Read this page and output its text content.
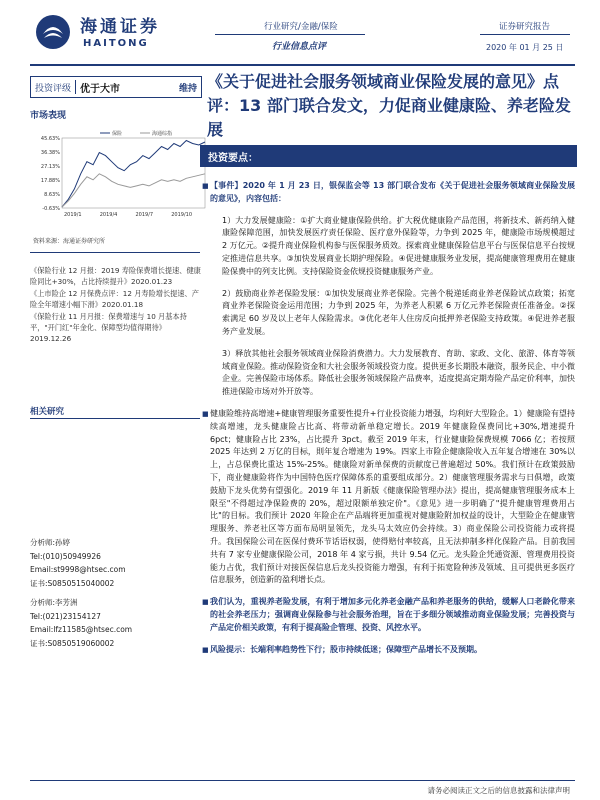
海通证券
HAITONG
行业研究/金融/保险
行业信息点评
证券研究报告
2020 年 01 月 25 日
投资评级 优于大市	维持
市场表现
45.63%
36.38%
27.13%
17.88%
8.63%
-0.63%
2019/1	2019/4	2019/7	2019/10
保险	海通综指
资料来源：海通证券研究所
《保险行业 12 月报：2019 寿险保费增长提速、健康险同比+30%，占比持续提升》2020.01.23
《上市险企 12 月保费点评：12 月寿险增长提速、产险全年增速小幅下滑》2020.01.18
《保险行业 11 月月报：保费增速与 10 月基本持平，"开门红"年金化、保障型均值得期待》2019.12.26
相关研究
分析师:孙婷
Tel:(010)50949926
Email:st9998@htsec.com
证书:S0850515040002
分析师:李芳洲
Tel:(021)23154127
Email:lfz11585@htsec.com
证书:S0850519060002
《关于促进社会服务领域商业保险发展的意见》点评：13 部门联合发文，力促商业健康险、养老险发展
投资要点：

■ 【事件】2020 年 1 月 23 日，银保监会等 13 部门联合发布《关于促进社会服务领域商业保险发展的意见》，内容包括：

1）大力发展健康险：①扩大商业健康保险供给。扩大税优健康险产品范围，将新技术、新药纳入健康险保障范围，加快发展医疗责任保险、医疗意外保险等，力争到 2025 年，健康险市场规模超过 2 万亿元。②提升商业保险机构参与医保服务质效。探索商业健康保险信息平台与医保信息平台按规定推进信息共享。③加快发展商业长期护理保险。④促进健康服务业发展，提高健康管理费用在健康险保费中的列支比例。支持保险资金依规投资健康服务产业。

2）鼓励商业养老保险发展：①加快发展商业养老保险。完善个税递延商业养老保险试点政策；拓宽商业养老保险资金运用范围；力争到 2025 年，为养老人积累 6 万亿元养老保险责任准备金。②探索满足 60 岁及以上老年人保险需求。③优化老年人住房反向抵押养老保险支持政策。④促进养老服务产业发展。

3）释放其他社会服务领域商业保险消费潜力。大力发展教育、育助、家政、文化、旅游、体育等领域商业保险。推动保险资金和大社会服务领域投资力度。提供更多长期股本融资，服务民企、中小微企业。完善保险市场体系。降低社会服务领域保险产品费率，适度提高定期寿险产品定价利率，加快推进保险市场对外开放等。

■ 健康险维持高增速+健康管理服务重要性提升+行业投资能力增强，均利好大型险企。1）健康险有望持续高增速，龙头健康险占比高、将带动新单稳定增长。2019 年健康险保费同比+30%,增速提升 6pct；健康险占比 23%，占比提升 3pct。截至 2019 年末，行业健康险保费规模 7066 亿；若按照 2025 年达到 2 万亿的目标，則年复合增速为 19%。四家上市险企健康险收入五年复合增速在 30%以上，占总保费比重达 15%-25%。健康险对新单保费的贡献度已普遍超过 50%。我们预计在政策鼓励下，商业健康险将作为中国特色医疗保障体系的重要组成部分。2）健康管理服务需求与日俱增，政策鼓励下龙头优势有望强化。2019 年 11 月新版《健康保险管理办法》提出，提高健康管理服务成本上限至"不得超过净保险费的 20%，超过限额单独定价"。《意见》进一步明确了"提升健康管理费用占比"的目标。我们预计 2020 年险企在产品端将更加重视对健康险附加权益的设计，大型险企在健康管理服务、养老社区等方面布局明显领先，龙头马太效应仍会持续。3）商业保险公司投资能力或将提升。我国保险公司在医保付费环节话语权弱，使得赔付率较高，且无法抑制多样化保险产品。目前我国共有 7 家专业健康保险公司，2018 年 4 家亏损，共计 9.54 亿元。龙头险企凭通资源、管理费用投资能力占优，我们预计对接医保信息后龙头投资能力增强，有利于拓宽险种涉及领域、且可提供更多医疗信息服务，创造新的盈利增长点。

■ 我们认为，重视养老险发展，有利于增加多元化养老金融产品和养老服务的供给，缓解人口老龄化带来的社会养老压力；强调商业保险参与社会服务治理，旨在于多细分领域推动商业保险发展；完善投资与产品定价相关政策，有利于提高险企管理、投资、风控水平。

■ 风险提示：长端利率趋势性下行；股市持续低迷；保障型产品增长不及预期。

请务必阅读正文之后的信息披露和法律声明
